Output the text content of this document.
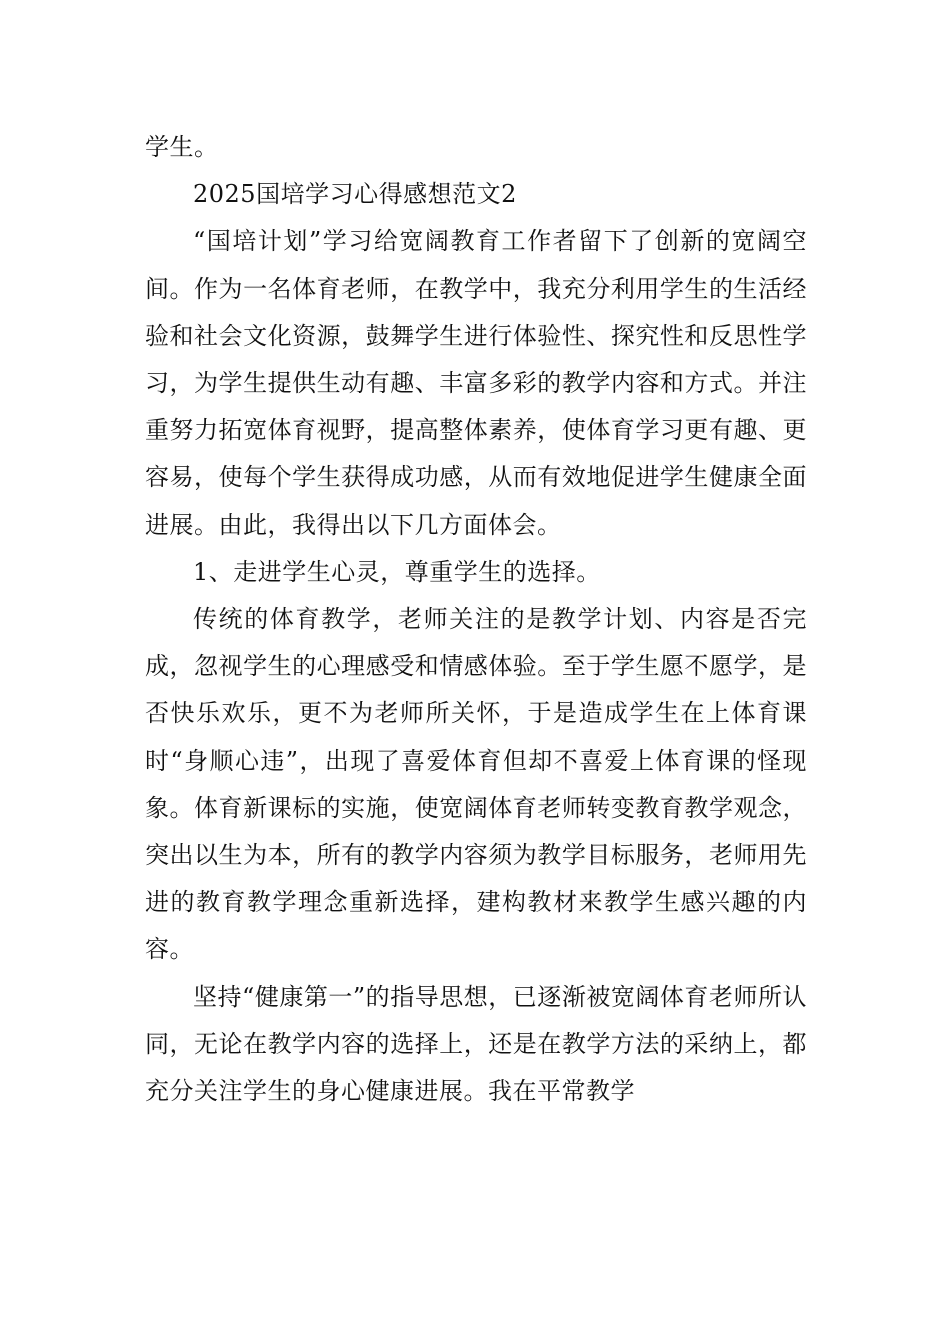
学生。

2025国培学习心得感想范文2

“国培计划”学习给宽阔教育工作者留下了创新的宽阔空间。作为一名体育老师，在教学中，我充分利用学生的生活经验和社会文化资源，鼓舞学生进行体验性、探究性和反思性学习，为学生提供生动有趣、丰富多彩的教学内容和方式。并注重努力拓宽体育视野，提高整体素养，使体育学习更有趣、更容易，使每个学生获得成功感，从而有效地促进学生健康全面进展。由此，我得出以下几方面体会。

1、走进学生心灵，尊重学生的选择。

传统的体育教学，老师关注的是教学计划、内容是否完成，忽视学生的心理感受和情感体验。至于学生愿不愿学，是否快乐欢乐，更不为老师所关怀，于是造成学生在上体育课时“身顺心违”，出现了喜爱体育但却不喜爱上体育课的怪现象。体育新课标的实施，使宽阔体育老师转变教育教学观念，突出以生为本，所有的教学内容须为教学目标服务，老师用先进的教育教学理念重新选择，建构教材来教学生感兴趣的内容。

坚持“健康第一”的指导思想，已逐渐被宽阔体育老师所认同，无论在教学内容的选择上，还是在教学方法的采纳上，都充分关注学生的身心健康进展。我在平常教学
